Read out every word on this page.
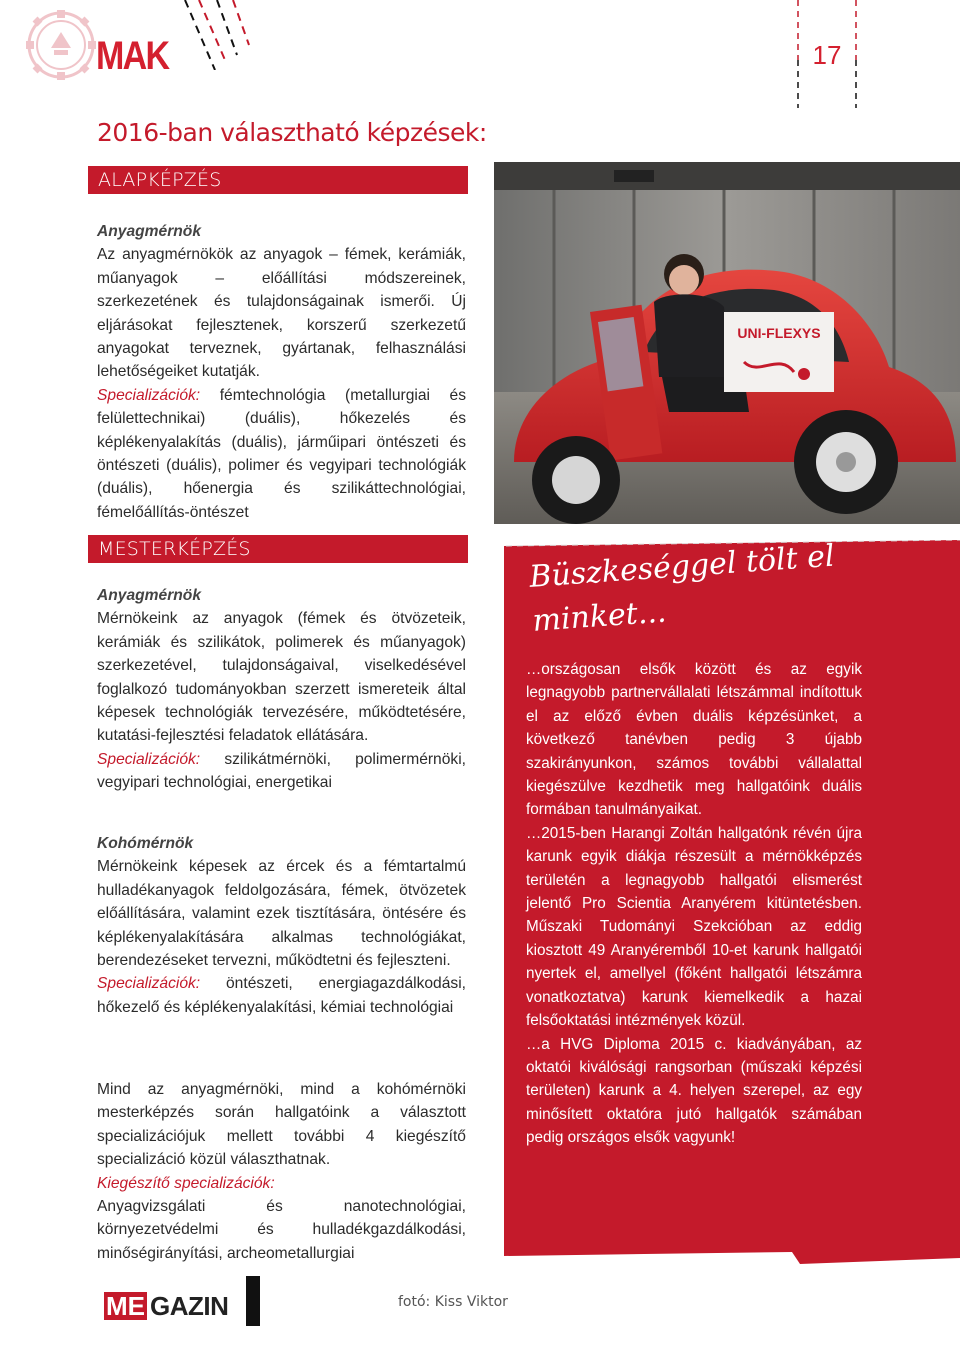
MAK	17
2016-ban választható képzések:
ALAPKÉPZÉS

Anyagmérnök

Az anyagmérnökök az anyagok – fémek, kerámiák, műanyagok – előállítási módszereinek, szerkezetének és tulajdonságainak ismerői. Új eljárásokat fejlesztenek, korszerű szerkezetű anyagokat terveznek, gyártanak, felhasználási lehetőségeiket kutatják.

Specializációk: fémtechnológia (metallurgiai és felülettechnikai) (duális), hőkezelés és képlékenyalakítás (duális), járműipari öntészeti és öntészeti (duális), polimer és vegyipari technológiák (duális), hőenergia és szilikáttechnológiai, fémelőállítás-öntészet

MESTERKÉPZÉS

Anyagmérnök

Mérnökeink az anyagok (fémek és ötvözeteik, kerámiák és szilikátok, polimerek és műanyagok) szerkezetével, tulajdonságaival, viselkedésével foglalkozó tudományokban szerzett ismereteik által képesek technológiák tervezésére, működtetésére, kutatási-fejlesztési feladatok ellátására.

Specializációk: szilikátmérnöki, polimermérnöki, vegyipari technológiai, energetikai

Kohómérnök

Mérnökeink képesek az ércek és a fémtartalmú hulladékanyagok feldolgozására, fémek, ötvözetek előállítására, valamint ezek tisztítására, öntésére és képlékenyalakítására alkalmas technológiákat, berendezéseket tervezni, működtetni és fejleszteni.

Specializációk: öntészeti, energiagazdálkodási, hőkezelő és képlékenyalakítási, kémiai technológiai

Mind az anyagmérnöki, mind a kohómérnöki mesterképzés során hallgatóink a választott specializációjuk mellett további 4 kiegészítő specializáció közül választhatnak.

Kiegészítő specializációk:

Anyagvizsgálati és nanotechnológiai, környezetvédelmi és hulladékgazdálkodási, minőségirányítási, archeometallurgiai

UNI-FLEXYS
fotó: Kiss Viktor
Büszkeséggel tölt el minket...

…országosan elsők között és az egyik legnagyobb partnervállalati létszámmal indítottuk el az előző évben duális képzésünket, a következő tanévben pedig 3 újabb szakirányunkon, számos további vállalattal kiegészülve kezdhetik meg hallgatóink duális formában tanulmányaikat.

…2015-ben Harangi Zoltán hallgatónk révén újra karunk egyik diákja részesült a mérnökképzés területén a legnagyobb hallgatói elismerést jelentő Pro Scientia Aranyérem kitüntetésben. Műszaki Tudományi Szekcióban az eddig kiosztott 49 Aranyéremből 10-et karunk hallgatói nyertek el, amellyel (főként hallgatói létszámra vonatkoztatva) karunk kiemelkedik a hazai felsőoktatási intézmények közül.

…a HVG Diploma 2015 c. kiadványában, az oktatói kiválósági rangsorban (műszaki képzési területen) karunk a 4. helyen szerepel, az egy minősített oktatóra jutó hallgatók számában pedig országos elsők vagyunk!

ME GAZIN
